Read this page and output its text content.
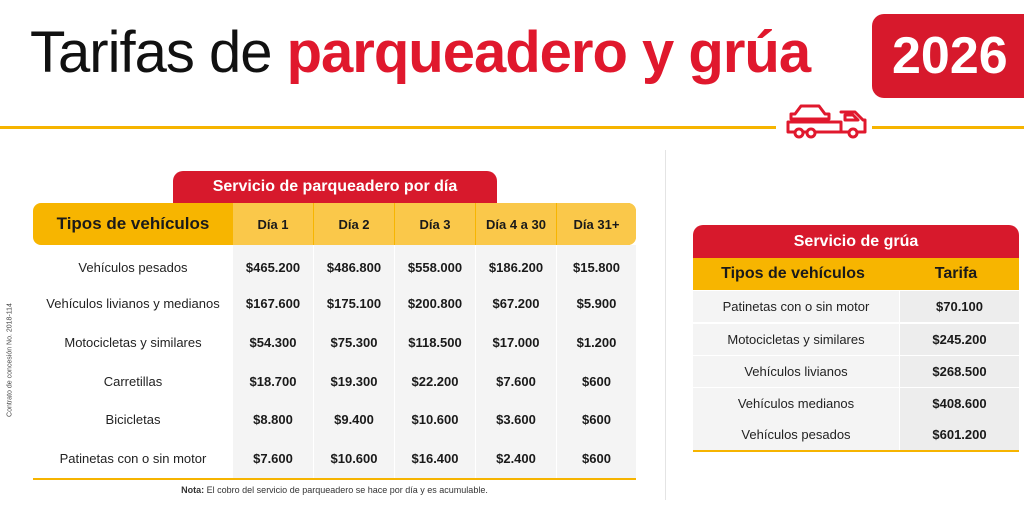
Tarifas de parqueadero y grúa	2026
Contrato de concesión No. 2018-114
Servicio de parqueadero por día
Tipos de vehículos	Día 1	Día 2	Día 3	Día 4 a 30	Día 31+
Vehículos pesados	$465.200	$486.800	$558.000	$186.200	$15.800
Vehículos livianos y medianos	$167.600	$175.100	$200.800	$67.200	$5.900
Motocicletas y similares	$54.300	$75.300	$118.500	$17.000	$1.200
Carretillas	$18.700	$19.300	$22.200	$7.600	$600
Bicicletas	$8.800	$9.400	$10.600	$3.600	$600
Patinetas con o sin motor	$7.600	$10.600	$16.400	$2.400	$600
Nota: El cobro del servicio de parqueadero se hace por día y es acumulable.
Servicio de grúa
Tipos de vehículos	Tarifa
Patinetas con o sin motor	$70.100
Motocicletas y similares	$245.200
Vehículos livianos	$268.500
Vehículos medianos	$408.600
Vehículos pesados	$601.200
